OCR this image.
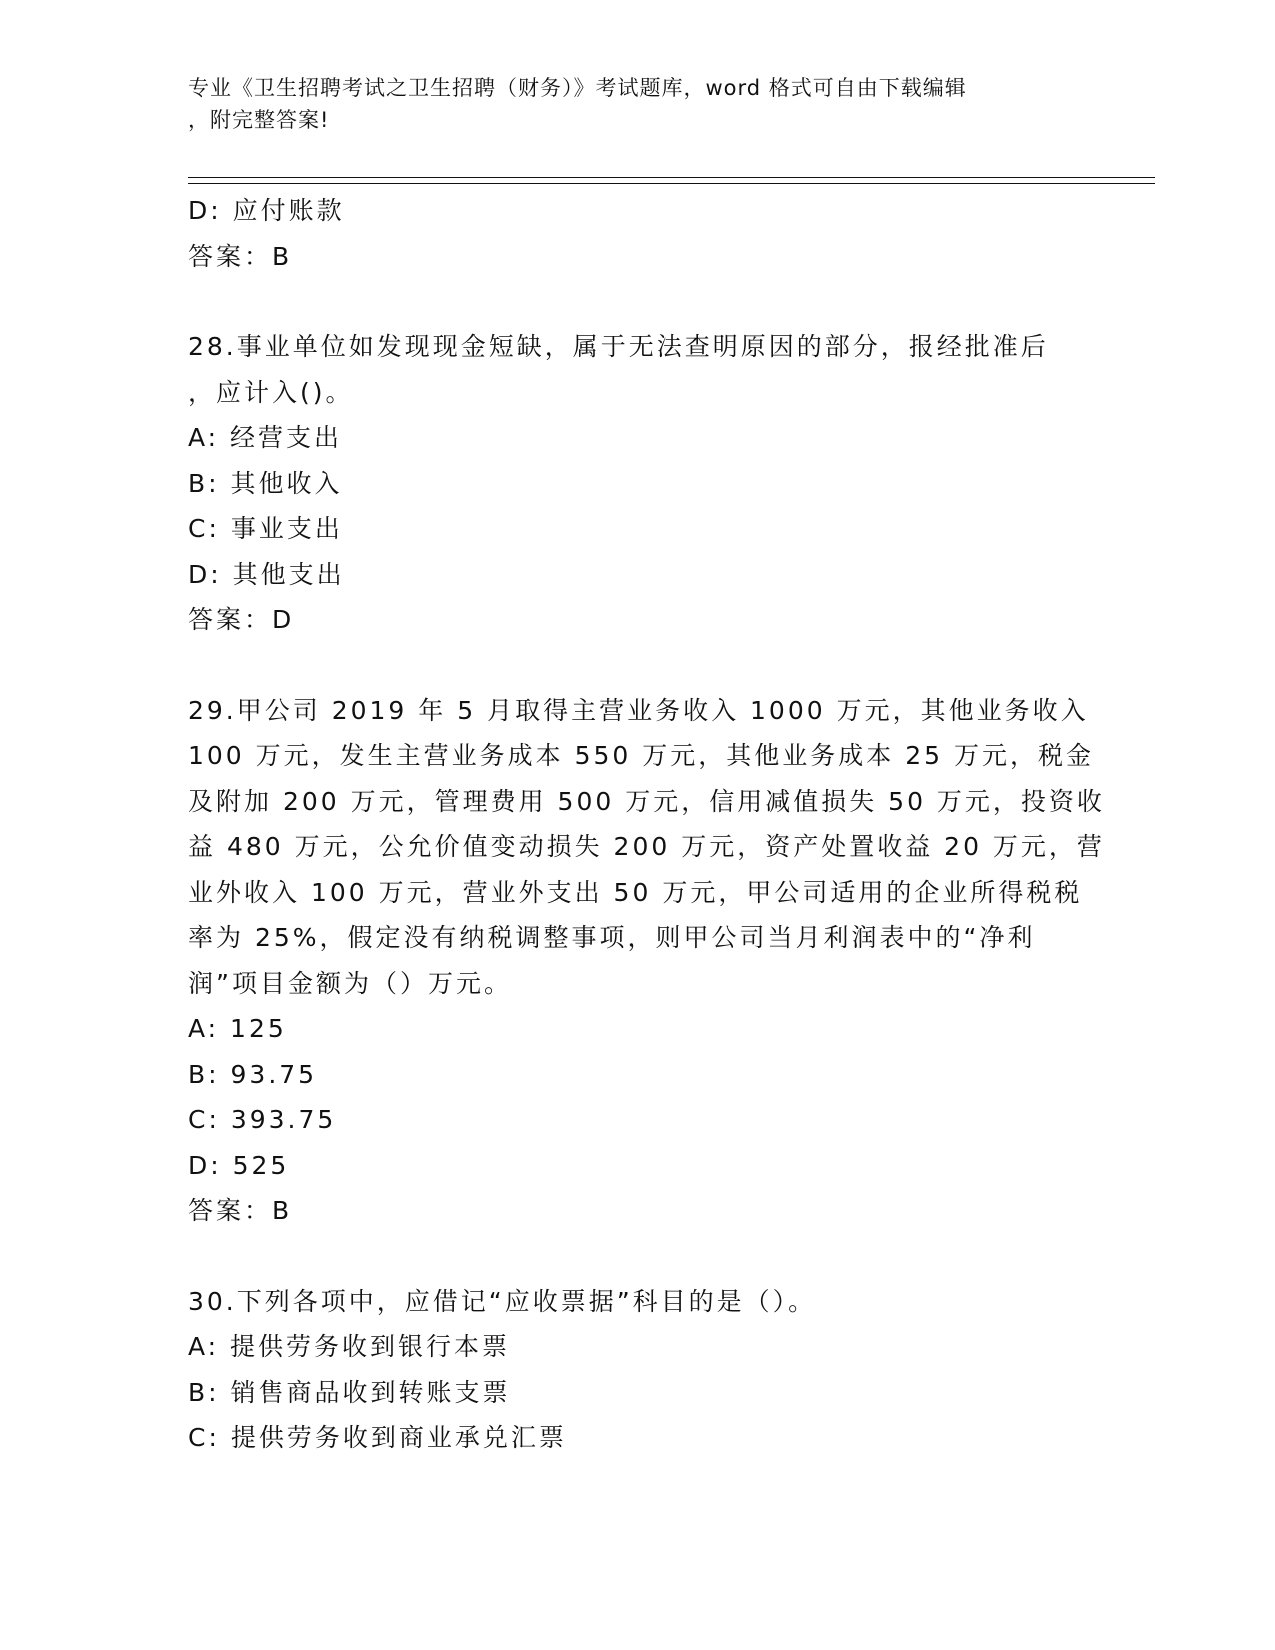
专业《卫生招聘考试之卫生招聘（财务）》考试题库，word 格式可自由下载编辑
，附完整答案!
D: 应付账款
答案：B
28.事业单位如发现现金短缺，属于无法查明原因的部分，报经批准后
，应计入()。
A: 经营支出
B: 其他收入
C: 事业支出
D: 其他支出
答案：D
29.甲公司 2019 年 5 月取得主营业务收入 1000 万元，其他业务收入
100 万元，发生主营业务成本 550 万元，其他业务成本 25 万元，税金
及附加 200 万元，管理费用 500 万元，信用减值损失 50 万元，投资收
益 480 万元，公允价值变动损失 200 万元，资产处置收益 20 万元，营
业外收入 100 万元，营业外支出 50 万元，甲公司适用的企业所得税税
率为 25%，假定没有纳税调整事项，则甲公司当月利润表中的“净利
润”项目金额为（）万元。
A: 125
B: 93.75
C: 393.75
D: 525
答案：B
30.下列各项中，应借记“应收票据”科目的是（）。
A: 提供劳务收到银行本票
B: 销售商品收到转账支票
C: 提供劳务收到商业承兑汇票
